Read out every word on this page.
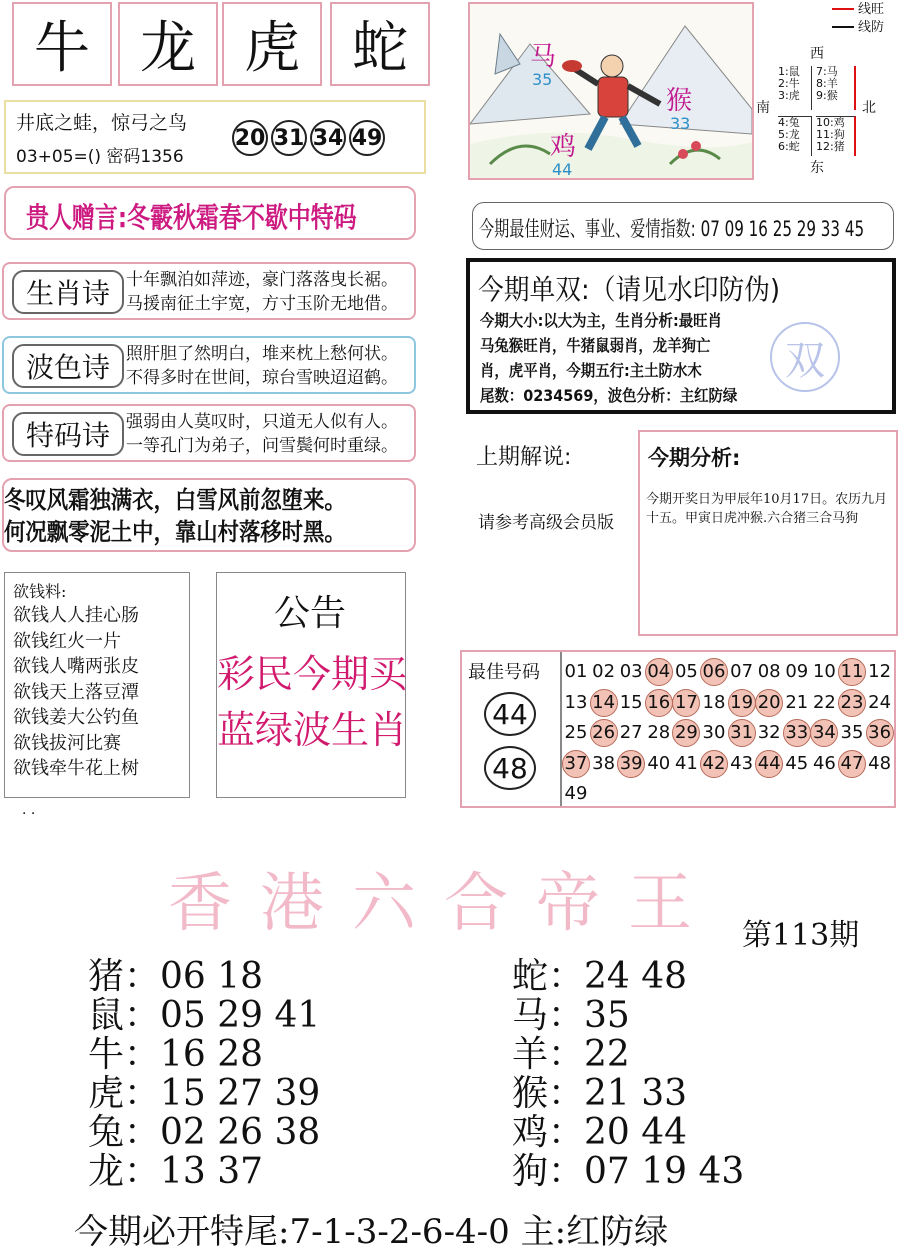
牛 龙 虎 蛇
井底之蛙，惊弓之鸟
03+05=() 密码1356
20 31 34 49
贵人赠言:冬霰秋霜春不歇中特码
生肖诗 十年飘泊如萍迹，豪门落落曳长裾。
马援南征土宇宽，方寸玉阶无地借。
波色诗 照肝胆了然明白，堆来枕上愁何状。
不得多时在世间，琼台雪映迢迢鹤。
特码诗 强弱由人莫叹时，只道无人似有人。
一等孔门为弟子，问雪鬓何时重绿。
冬叹风霜独满衣，白雪风前忽堕来。
何况飘零泥土中，靠山村落移时黑。
欲钱料:
欲钱人人挂心肠
欲钱红火一片
欲钱人嘴两张皮
欲钱天上落豆潭
欲钱姜大公钓鱼
欲钱拔河比赛
欲钱牵牛花上树
公告
彩民今期买
蓝绿波生肖
· ·
马
35
猴
33
鸡
44
线旺
线防
西
南	北
东
1:鼠
2:牛
3:虎
7:马
8:羊
9:猴
4:兔
5:龙
6:蛇
10:鸡
11:狗
12:猪
今期最佳财运、事业、爱情指数: 07 09 16 25 29 33 45
双
今期单双:（请见水印防伪)
今期大小:以大为主，生肖分析:最旺肖
马兔猴旺肖，牛猪鼠弱肖，龙羊狗亡
肖，虎平肖，今期五行:主土防水木
尾数：0234569，波色分析：主红防绿
上期解说:
请参考高级会员版
今期分析:
今期开奖日为甲辰年10月17日。农历九月十五。甲寅日虎冲猴.六合猪三合马狗
最佳号码
44
48
01 02 03 04 05 06 07 08 09 10 11 12
13 14 15 16 17 18 19 20 21 22 23 24
25 26 27 28 29 30 31 32 33 34 35 36
37 38 39 40 41 42 43 44 45 46 47 48
49
香港六合帝王 第113期
猪：06 18
鼠：05 29 41
牛：16 28
虎：15 27 39
兔：02 26 38
龙：13 37
蛇：24 48
马：35
羊：22
猴：21 33
鸡：20 44
狗：07 19 43
今期必开特尾:7-1-3-2-6-4-0 主:红防绿
